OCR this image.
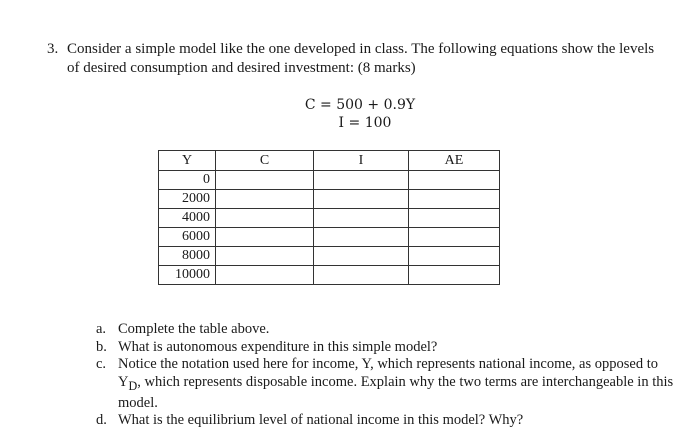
3. Consider a simple model like the one developed in class. The following equations show the levels of desired consumption and desired investment: (8 marks)
C = 500 + 0.9Y
I = 100
Y	C	I	AE
0			
2000			
4000			
6000			
8000			
10000			
a. Complete the table above.
b. What is autonomous expenditure in this simple model?
c. Notice the notation used here for income, Y, which represents national income, as opposed to $Y_D$, which represents disposable income. Explain why the two terms are interchangeable in this model.
d. What is the equilibrium level of national income in this model? Why?
